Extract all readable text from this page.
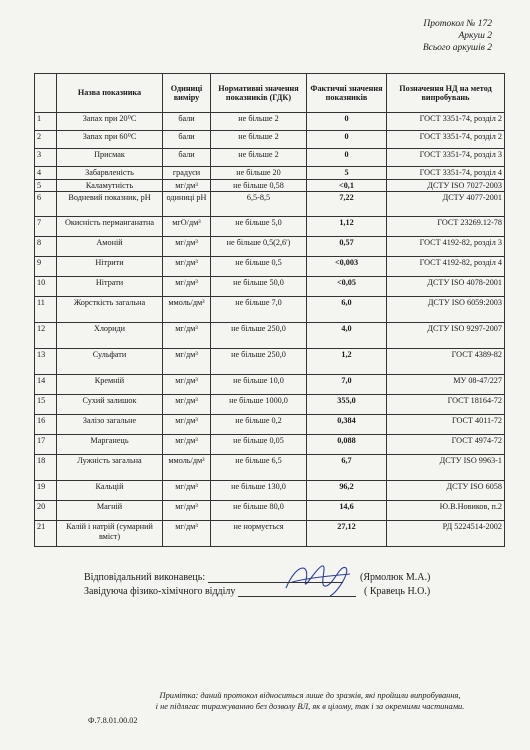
Протокол № 172
Аркуш 2
Всього аркушів 2
	Назва показника	Одиниці виміру	Нормативні значення показників (ГДК)	Фактичні значення показників	Позначення НД на метод випробувань
1	Запах при 20⁰С	бали	не більше 2	0	ГОСТ 3351-74, розділ 2
2	Запах при 60⁰С	бали	не більше 2	0	ГОСТ 3351-74, розділ 2
3	Присмак	бали	не більше 2	0	ГОСТ 3351-74, розділ 3
4	Забарвленість	градуси	не більше 20	5	ГОСТ 3351-74, розділ 4
5	Каламутність	мг/дм³	не більше 0,58	<0,1	ДСТУ ISO 7027-2003
6	Водневий показник, рН	одиниці рН	6,5-8,5	7,22	ДСТУ 4077-2001
7	Окисність перманганатна	мгО/дм³	не більше 5,0	1,12	ГОСТ 23269.12-78
8	Амоній	мг/дм³	не більше 0,5(2,6')	0,57	ГОСТ 4192-82, розділ 3
9	Нітрити	мг/дм³	не більше 0,5	<0,003	ГОСТ 4192-82, розділ 4
10	Нітрати	мг/дм³	не більше 50,0	<0,05	ДСТУ ISO 4078-2001
11	Жорсткість загальна	ммоль/дм³	не більше 7,0	6,0	ДСТУ ISO 6059:2003
12	Хлориди	мг/дм³	не більше 250,0	4,0	ДСТУ ISO 9297-2007
13	Сульфати	мг/дм³	не більше 250,0	1,2	ГОСТ 4389-82
14	Кремній	мг/дм³	не більше 10,0	7,0	МУ 08-47/227
15	Сухий залишок	мг/дм³	не більше 1000,0	355,0	ГОСТ 18164-72
16	Залізо загальне	мг/дм³	не більше 0,2	0,384	ГОСТ 4011-72
17	Марганець	мг/дм³	не більше 0,05	0,088	ГОСТ 4974-72
18	Лужність загальна	ммоль/дм³	не більше 6,5	6,7	ДСТУ ISO 9963-1
19	Кальцій	мг/дм³	не більше 130,0	96,2	ДСТУ ISO 6058
20	Магній	мг/дм³	не більше 80,0	14,6	Ю.В.Новиков, п.2
21	Калій і натрій (сумарний вміст)	мг/дм³	не нормується	27,12	РД 5224514-2002
Відповідальний виконавець:	(Ярмолюк М.А.)
Завідуюча фізико-хімічного відділу	( Кравець Н.О.)
Примітка: даний протокол відноситься лише до зразків, які пройшли випробування,
і не підлягає тиражуванню без дозволу ВЛ, як в цілому, так і за окремими частинами.
Ф.7.8.01.00.02
